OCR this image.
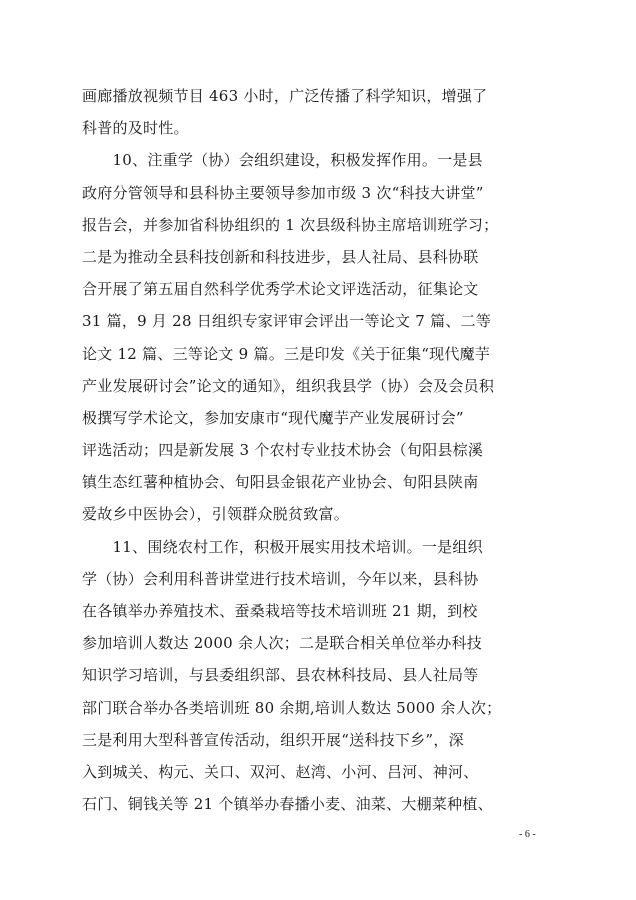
画廊播放视频节目 463 小时，广泛传播了科学知识，增强了
科普的及时性。
　　10、注重学（协）会组织建设，积极发挥作用。一是县
政府分管领导和县科协主要领导参加市级 3 次“科技大讲堂”
报告会，并参加省科协组织的 1 次县级科协主席培训班学习；
二是为推动全县科技创新和科技进步，县人社局、县科协联
合开展了第五届自然科学优秀学术论文评选活动，征集论文
31 篇，9 月 28 日组织专家评审会评出一等论文 7 篇、二等
论文 12 篇、三等论文 9 篇。三是印发《关于征集“现代魔芋
产业发展研讨会”论文的通知》，组织我县学（协）会及会员积
极撰写学术论文，参加安康市“现代魔芋产业发展研讨会”
评选活动；四是新发展 3 个农村专业技术协会（旬阳县棕溪
镇生态红薯种植协会、旬阳县金银花产业协会、旬阳县陕南
爱故乡中医协会），引领群众脱贫致富。
　　11、围绕农村工作，积极开展实用技术培训。一是组织
学（协）会利用科普讲堂进行技术培训，今年以来，县科协
在各镇举办养殖技术、蚕桑栽培等技术培训班 21 期，到校
参加培训人数达 2000 余人次；二是联合相关单位举办科技
知识学习培训，与县委组织部、县农林科技局、县人社局等
部门联合举办各类培训班 80 余期,培训人数达 5000 余人次；
三是利用大型科普宣传活动，组织开展“送科技下乡”，深
入到城关、构元、关口、双河、赵湾、小河、吕河、神河、
石门、铜钱关等 21 个镇举办春播小麦、油菜、大棚菜种植、
- 6 -
